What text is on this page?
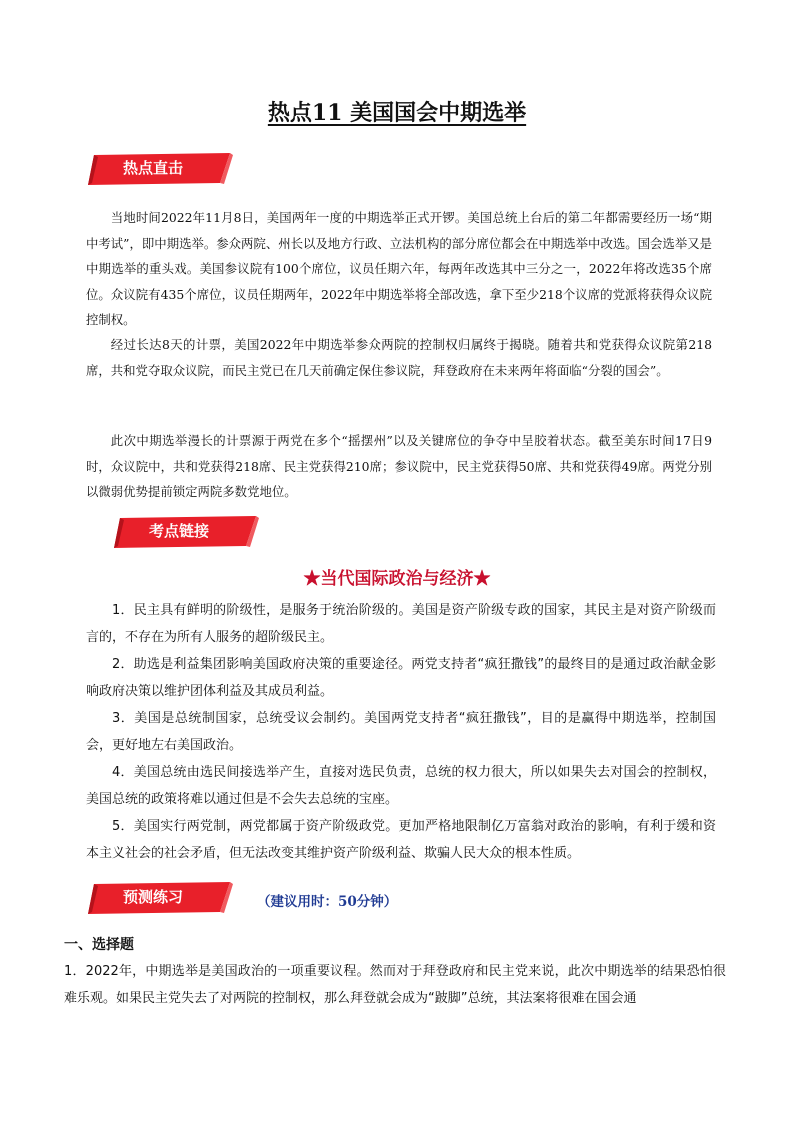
热点11 美国国会中期选举
热点直击

当地时间2022年11月8日，美国两年一度的中期选举正式开锣。美国总统上台后的第二年都需要经历一场“期中考试”，即中期选举。参众两院、州长以及地方行政、立法机构的部分席位都会在中期选举中改选。国会选举又是中期选举的重头戏。美国参议院有100个席位，议员任期六年，每两年改选其中三分之一，2022年将改选35个席位。众议院有435个席位，议员任期两年，2022年中期选举将全部改选，拿下至少218个议席的党派将获得众议院控制权。

经过长达8天的计票，美国2022年中期选举参众两院的控制权归属终于揭晓。随着共和党获得众议院第218席，共和党夺取众议院，而民主党已在几天前确定保住参议院，拜登政府在未来两年将面临“分裂的国会”。

此次中期选举漫长的计票源于两党在多个“摇摆州”以及关键席位的争夺中呈胶着状态。截至美东时间17日9时，众议院中，共和党获得218席、民主党获得210席；参议院中，民主党获得50席、共和党获得49席。两党分别以微弱优势提前锁定两院多数党地位。

考点链接
★当代国际政治与经济★

1．民主具有鲜明的阶级性，是服务于统治阶级的。美国是资产阶级专政的国家，其民主是对资产阶级而言的，不存在为所有人服务的超阶级民主。

2．助选是利益集团影响美国政府决策的重要途径。两党支持者“疯狂撒钱”的最终目的是通过政治献金影响政府决策以维护团体利益及其成员利益。

3．美国是总统制国家，总统受议会制约。美国两党支持者“疯狂撒钱”，目的是赢得中期选举，控制国会，更好地左右美国政治。

4．美国总统由选民间接选举产生，直接对选民负责，总统的权力很大，所以如果失去对国会的控制权，美国总统的政策将难以通过但是不会失去总统的宝座。

5．美国实行两党制，两党都属于资产阶级政党。更加严格地限制亿万富翁对政治的影响，有利于缓和资本主义社会的社会矛盾，但无法改变其维护资产阶级利益、欺骗人民大众的根本性质。

预测练习	（建议用时：50分钟）
一、选择题

1．2022年，中期选举是美国政治的一项重要议程。然而对于拜登政府和民主党来说，此次中期选举的结果恐怕很难乐观。如果民主党失去了对两院的控制权，那么拜登就会成为“跛脚”总统，其法案将很难在国会通
